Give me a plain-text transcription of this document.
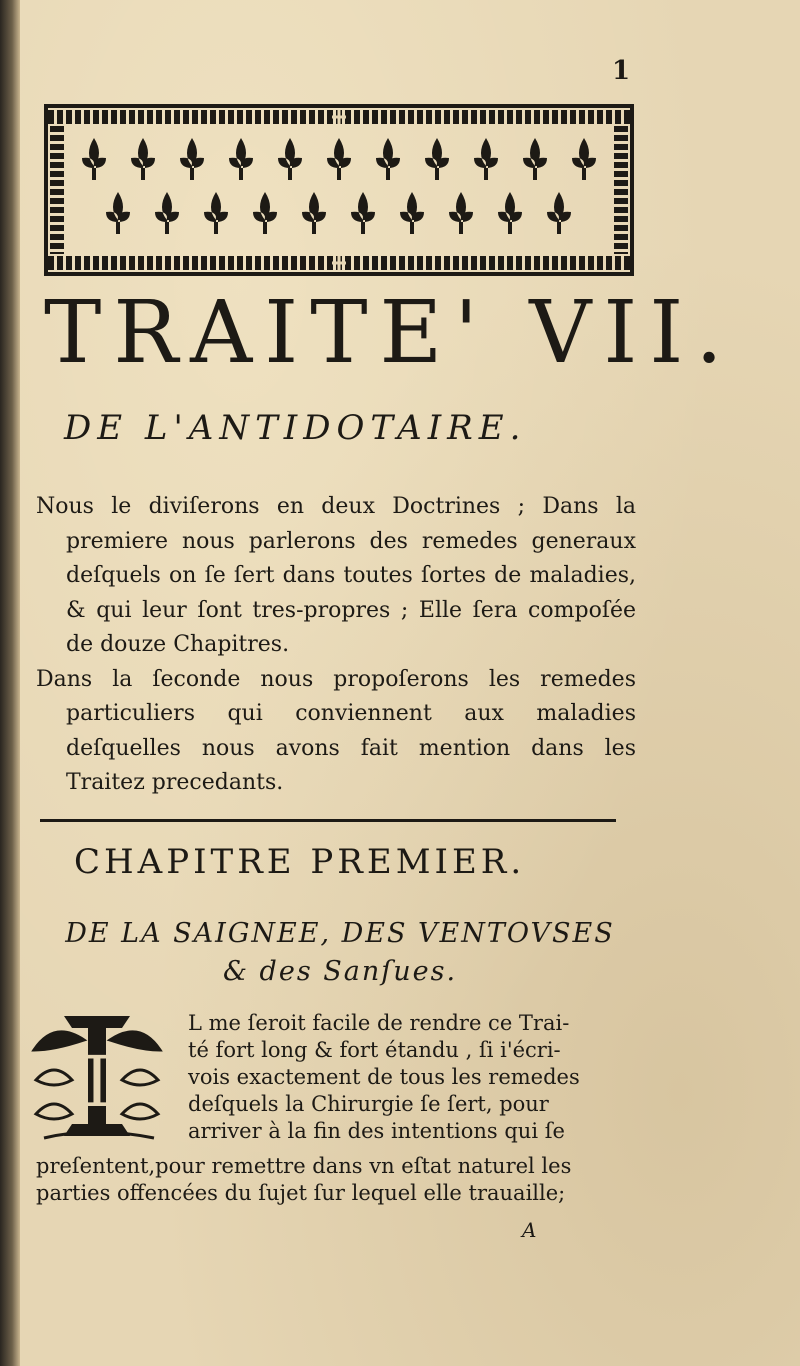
1
TRAITE' VII.
DE L'ANTIDOTAIRE.

Nous le diviſerons en deux Doctrines ; Dans la premiere nous parlerons des remedes generaux deſquels on ſe ſert dans toutes ſortes de maladies, & qui leur ſont tres-propres ; Elle ſera compoſée de douze Chapitres.

Dans la ſeconde nous propoſerons les remedes particuliers qui conviennent aux maladies deſquelles nous avons fait mention dans les Traitez precedants.

CHAPITRE PREMIER.
DE LA SAIGNEE, DES VENTOVSES
& des Sanſues.
I
L me ſeroit facile de rendre ce Trai-
té fort long & fort étandu , ſi i'écri-
vois exactement de tous les remedes
deſquels la Chirurgie ſe ſert, pour
arriver à la fin des intentions qui ſe
preſentent,pour remettre dans vn eſtat naturel les
parties offencées du ſujet ſur lequel elle trauaille;
A
